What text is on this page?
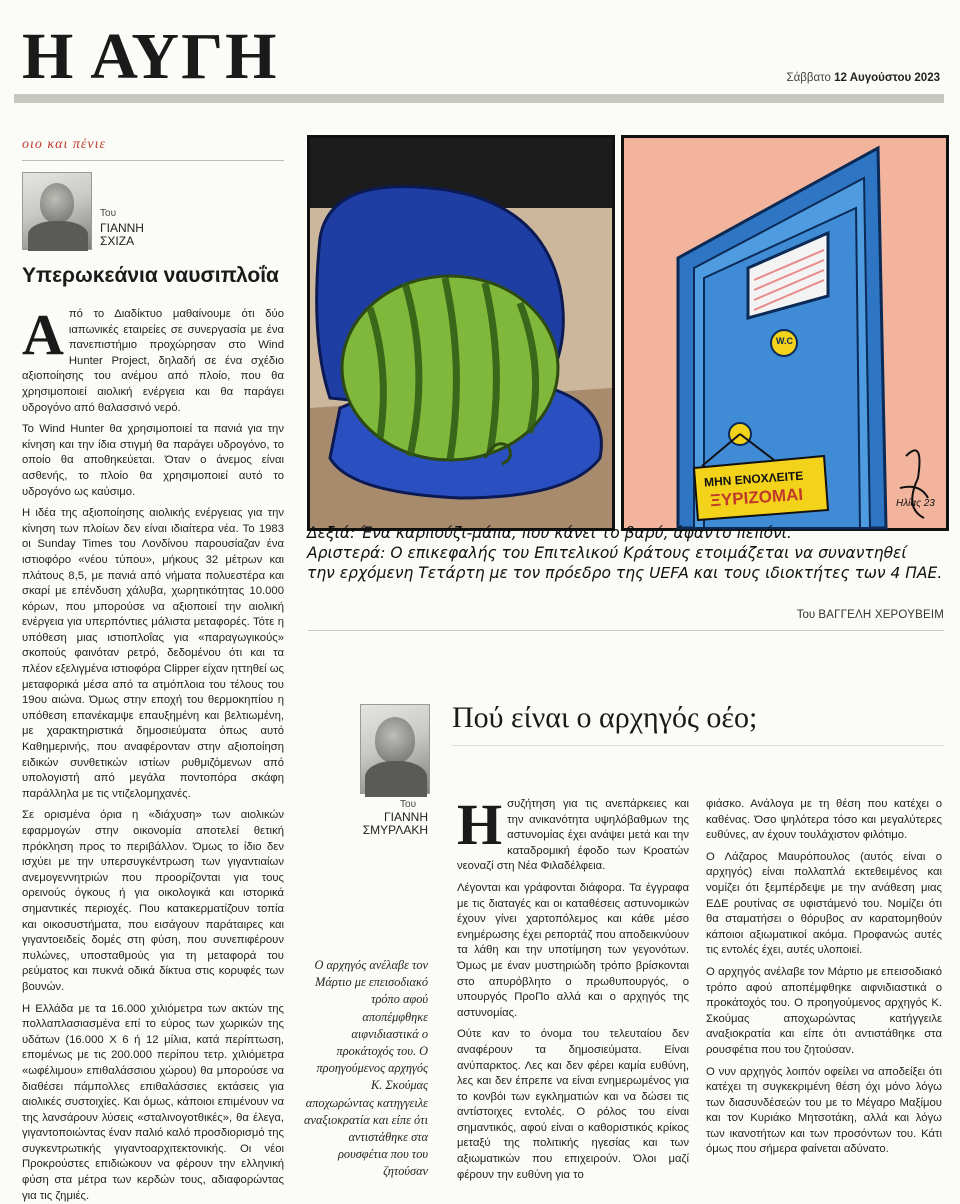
Η ΑΥΓΗ	Σάββατο 12 Αυγούστου 2023
οιο και πένιε
Του
ΓΙΑΝΝΗ
ΣΧΙΖΑ
Υπερωκεάνια ναυσιπλοΐα

Από το Διαδίκτυο μαθαίνουμε ότι δύο ιαπωνικές εταιρείες σε συνεργασία με ένα πανεπιστήμιο προχώρησαν στο Wind Hunter Project, δηλαδή σε ένα σχέδιο αξιοποίησης του ανέμου από πλοίο, που θα χρησιμοποιεί αιολική ενέργεια και θα παράγει υδρογόνο από θαλασσινό νερό.

Το Wind Hunter θα χρησιμοποιεί τα πανιά για την κίνηση και την ίδια στιγμή θα παράγει υδρογόνο, το οποίο θα αποθηκεύεται. Όταν ο άνεμος είναι ασθενής, το πλοίο θα χρησιμοποιεί αυτό το υδρογόνο ως καύσιμο.

Η ιδέα της αξιοποίησης αιολικής ενέργειας για την κίνηση των πλοίων δεν είναι ιδιαίτερα νέα. Το 1983 οι Sunday Times του Λονδίνου παρουσίαζαν ένα ιστιοφόρο «νέου τύπου», μήκους 32 μέτρων και πλάτους 8,5, με πανιά από νήματα πολυεστέρα και σκαρί με επένδυση χάλυβα, χωρητικότητας 10.000 κόρων, που μπορούσε να αξιοποιεί την αιολική ενέργεια για υπερπόντιες μάλιστα μεταφορές. Τότε η υπόθεση μιας ιστιοπλοΐας για «παραγωγικούς» σκοπούς φαινόταν ρετρό, δεδομένου ότι και τα πλέον εξελιγμένα ιστιοφόρα Clipper είχαν ηττηθεί ως μεταφορικά μέσα από τα ατμόπλοια του τέλους του 19ου αιώνα. Όμως στην εποχή του θερμοκηπίου η υπόθεση επανέκαμψε επαυξημένη και βελτιωμένη, με χαρακτηριστικά δημοσιεύματα όπως αυτό Καθημερινής, που αναφέρονταν στην αξιοποίηση ειδικών συνθετικών ιστίων ρυθμιζόμενων από υπολογιστή από μεγάλα ποντοπόρα σκάφη παράλληλα με τις ντιζελομηχανές.

Σε ορισμένα όρια η «διάχυση» των αιολικών εφαρμογών στην οικονομία αποτελεί θετική πρόκληση προς το περιβάλλον. Όμως το ίδιο δεν ισχύει με την υπερσυγκέντρωση των γιγαντιαίων ανεμογεννητριών που προορίζονται για τους ορεινούς όγκους ή για οικολογικά και ιστορικά σημαντικές περιοχές. Που κατακερματίζουν τοπία και οικοσυστήματα, που εισάγουν παράταιρες και γιγαντοειδείς δομές στη φύση, που συνεπιφέρουν πυλώνες, υποσταθμούς για τη μεταφορά του ρεύματος και πυκνά οδικά δίκτυα στις κορυφές των βουνών.

Η Ελλάδα με τα 16.000 χιλιόμετρα των ακτών της πολλαπλασιασμένα επί το εύρος των χωρικών της υδάτων (16.000 Χ 6 ή 12 μίλια, κατά περίπτωση, επομένως με τις 200.000 περίπου τετρ. χιλιόμετρα «ωφέλιμου» επιθαλάσσιου χώρου) θα μπορούσε να διαθέσει πάμπολλες επιθαλάσσιες εκτάσεις για αιολικές συστοιχίες. Και όμως, κάποιοι επιμένουν να της λανσάρουν λύσεις «σταλινογοτθικές», θα έλεγα, γιγαντοποιώντας έναν παλιό καλό προσδιορισμό της συγκεντρωτικής γιγαντοαρχιτεκτονικής. Οι νέοι Προκρούστες επιδιώκουν να φέρουν την ελληνική φύση στα μέτρα των κερδών τους, αδιαφορώντας για τις ζημιές.

W.C
ΜΗΝ ΕΝΟΧΛΕΙΤΕ
ΞΥΡΙΖΟΜΑΙ	Hλίας 23
Δεξιά: Ένα καρπούζι-μάπα, που κάνει το βαρύ, άφαντο πεπόνι.
Αριστερά: Ο επικεφαλής του Επιτελικού Κράτους ετοιμάζεται να συναντηθεί
την ερχόμενη Τετάρτη με τον πρόεδρο της UEFA και τους ιδιοκτήτες των 4 ΠΑΕ.
Του ΒΑΓΓΕΛΗ ΧΕΡΟΥΒΕΙΜ
Του
ΓΙΑΝΝΗ
ΣΜΥΡΛΑΚΗ
Πού είναι ο αρχηγός οέο;
Ο αρχηγός ανέλαβε τον
Μάρτιο με επεισοδιακό
τρόπο αφού
αποπέμφθηκε
αιφνιδιαστικά ο
προκάτοχός του. Ο
προηγούμενος αρχηγός
Κ. Σκούμας
αποχωρώντας κατηγγειλε
αναξιοκρατία και είπε ότι
αντιστάθηκε στα
ρουσφέτια που του
ζητούσαν

Ησυζήτηση για τις ανεπάρκειες και την ανικανότητα υψηλόβαθμων της αστυνομίας έχει ανάψει μετά και την καταδρομική έφοδο των Κροατών νεοναζί στη Νέα Φιλαδέλφεια.

Λέγονται και γράφονται διάφορα. Τα έγγραφα με τις διαταγές και οι καταθέσεις αστυνομικών έχουν γίνει χαρτοπόλεμος και κάθε μέσο ενημέρωσης έχει ρεπορτάζ που αποδεικνύουν τα λάθη και την υποτίμηση των γεγονότων. Όμως με έναν μυστηριώδη τρόπο βρίσκονται στο απυρόβλητο ο πρωθυπουργός, ο υπουργός ΠροΠο αλλά και ο αρχηγός της αστυνομίας.

Ούτε καν το όνομα του τελευταίου δεν αναφέρουν τα δημοσιεύματα. Είναι ανύπαρκτος. Λες και δεν φέρει καμία ευθύνη, λες και δεν έπρεπε να είναι ενημερωμένος για το κονβόι των εγκληματιών και να δώσει τις αντίστοιχες εντολές. Ο ρόλος του είναι σημαντικός, αφού είναι ο καθοριστικός κρίκος μεταξύ της πολιτικής ηγεσίας και των αξιωματικών που επιχειρούν. Όλοι μαζί φέρουν την ευθύνη για το

φιάσκο. Ανάλογα με τη θέση που κατέχει ο καθένας. Όσο ψηλότερα τόσο και μεγαλύτερες ευθύνες, αν έχουν τουλάχιστον φιλότιμο.

Ο Λάζαρος Μαυρόπουλος (αυτός είναι ο αρχηγός) είναι πολλαπλά εκτεθειμένος και νομίζει ότι ξεμπέρδεψε με την ανάθεση μιας ΕΔΕ ρουτίνας σε υφιστάμενό του. Νομίζει ότι θα σταματήσει ο θόρυβος αν καρατομηθούν κάποιοι αξιωματικοί ακόμα. Προφανώς αυτές τις εντολές έχει, αυτές υλοποιεί.

Ο αρχηγός ανέλαβε τον Μάρτιο με επεισοδιακό τρόπο αφού αποπέμφθηκε αιφνιδιαστικά ο προκάτοχός του. Ο προηγούμενος αρχηγός Κ. Σκούμας αποχωρώντας κατήγγειλε αναξιοκρατία και είπε ότι αντιστάθηκε στα ρουσφέτια που του ζητούσαν.

Ο νυν αρχηγός λοιπόν οφείλει να αποδείξει ότι κατέχει τη συγκεκριμένη θέση όχι μόνο λόγω των διασυνδέσεών του με το Μέγαρο Μαξίμου και τον Κυριάκο Μητσοτάκη, αλλά και λόγω των ικανοτήτων και των προσόντων του. Κάτι όμως που σήμερα φαίνεται αδύνατο.
